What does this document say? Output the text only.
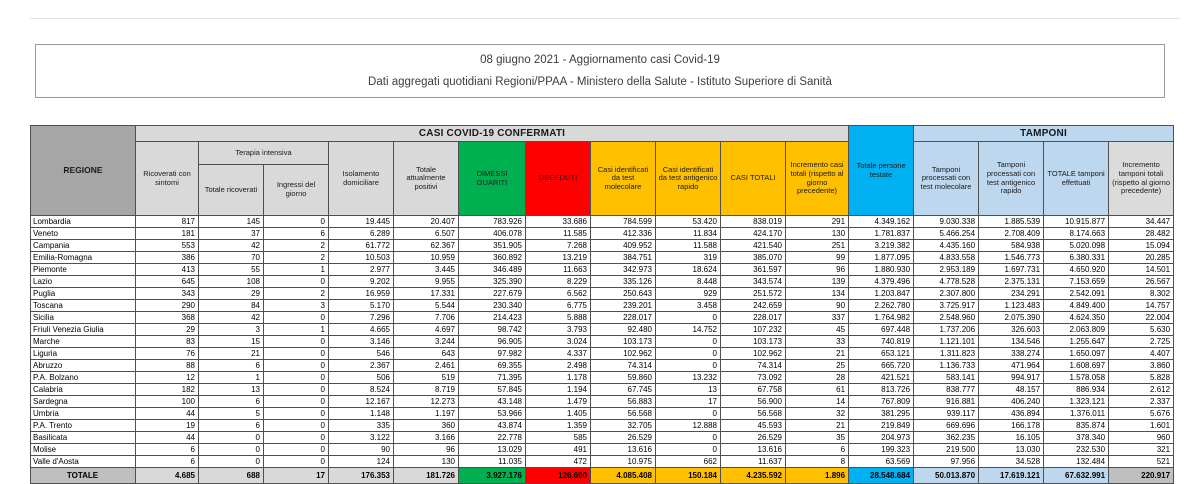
08 giugno 2021 - Aggiornamento casi Covid-19
Dati aggregati quotidiani Regioni/PPAA - Ministero della Salute - Istituto Superiore di Sanità
REGIONE	CASI COVID-19 CONFERMATI											Totale persone testate	TAMPONI			
	Ricoverati con sintomi	Terapia intensiva		Isolamento domiciliare	Totale attualmente positivi	DIMESSI GUARITI	DECEDUTI	Casi identificati da test molecolare	Casi identificati da test antigenico rapido	CASI TOTALI	Incremento casi totali (rispetto al giorno precedente)		Tamponi processati con test molecolare	Tamponi processati con test antigenico rapido	TOTALE tamponi effettuati	Incremento tamponi totali (rispetto al giorno precedente)
		Totale ricoverati	Ingressi del giorno													
Lombardia	817	145	0	19.445	20.407	783.926	33.686	784.599	53.420	838.019	291	4.349.162	9.030.338	1.885.539	10.915.877	34.447
Veneto	181	37	6	6.289	6.507	406.078	11.585	412.336	11.834	424.170	130	1.781.837	5.466.254	2.708.409	8.174.663	28.482
Campania	553	42	2	61.772	62.367	351.905	7.268	409.952	11.588	421.540	251	3.219.382	4.435.160	584.938	5.020.098	15.094
Emilia-Romagna	386	70	2	10.503	10.959	360.892	13.219	384.751	319	385.070	99	1.877.095	4.833.558	1.546.773	6.380.331	20.285
Piemonte	413	55	1	2.977	3.445	346.489	11.663	342.973	18.624	361.597	96	1.880.930	2.953.189	1.697.731	4.650.920	14.501
Lazio	645	108	0	9.202	9.955	325.390	8.229	335.126	8.448	343.574	139	4.379.496	4.778.528	2.375.131	7.153.659	26.567
Puglia	343	29	2	16.959	17.331	227.679	6.562	250.643	929	251.572	134	1.203.847	2.307.800	234.291	2.542.091	8.302
Toscana	290	84	3	5.170	5.544	230.340	6.775	239.201	3.458	242.659	90	2.262.780	3.725.917	1.123.483	4.849.400	14.757
Sicilia	368	42	0	7.296	7.706	214.423	5.888	228.017	0	228.017	337	1.764.982	2.548.960	2.075.390	4.624.350	22.004
Friuli Venezia Giulia	29	3	1	4.665	4.697	98.742	3.793	92.480	14.752	107.232	45	697.448	1.737.206	326.603	2.063.809	5.630
Marche	83	15	0	3.146	3.244	96.905	3.024	103.173	0	103.173	33	740.819	1.121.101	134.546	1.255.647	2.725
Liguria	76	21	0	546	643	97.982	4.337	102.962	0	102.962	21	653.121	1.311.823	338.274	1.650.097	4.407
Abruzzo	88	6	0	2.367	2.461	69.355	2.498	74.314	0	74.314	25	665.720	1.136.733	471.964	1.608.697	3.860
P.A. Bolzano	12	1	0	506	519	71.395	1.178	59.860	13.232	73.092	28	421.521	583.141	994.917	1.578.058	5.828
Calabria	182	13	0	8.524	8.719	57.845	1.194	67.745	13	67.758	61	813.726	838.777	48.157	886.934	2.612
Sardegna	100	6	0	12.167	12.273	43.148	1.479	56.883	17	56.900	14	767.809	916.881	406.240	1.323.121	2.337
Umbria	44	5	0	1.148	1.197	53.966	1.405	56.568	0	56.568	32	381.295	939.117	436.894	1.376.011	5.676
P.A. Trento	19	6	0	335	360	43.874	1.359	32.705	12.888	45.593	21	219.849	669.696	166.178	835.874	1.601
Basilicata	44	0	0	3.122	3.166	22.778	585	26.529	0	26.529	35	204.973	362.235	16.105	378.340	960
Molise	6	0	0	90	96	13.029	491	13.616	0	13.616	6	199.323	219.500	13.030	232.530	321
Valle d'Aosta	6	0	0	124	130	11.035	472	10.975	662	11.637	8	63.569	97.956	34.528	132.484	521
TOTALE	4.685	688	17	176.353	181.726	3.927.176	126.690	4.085.408	150.184	4.235.592	1.896	28.548.684	50.013.870	17.619.121	67.632.991	220.917
